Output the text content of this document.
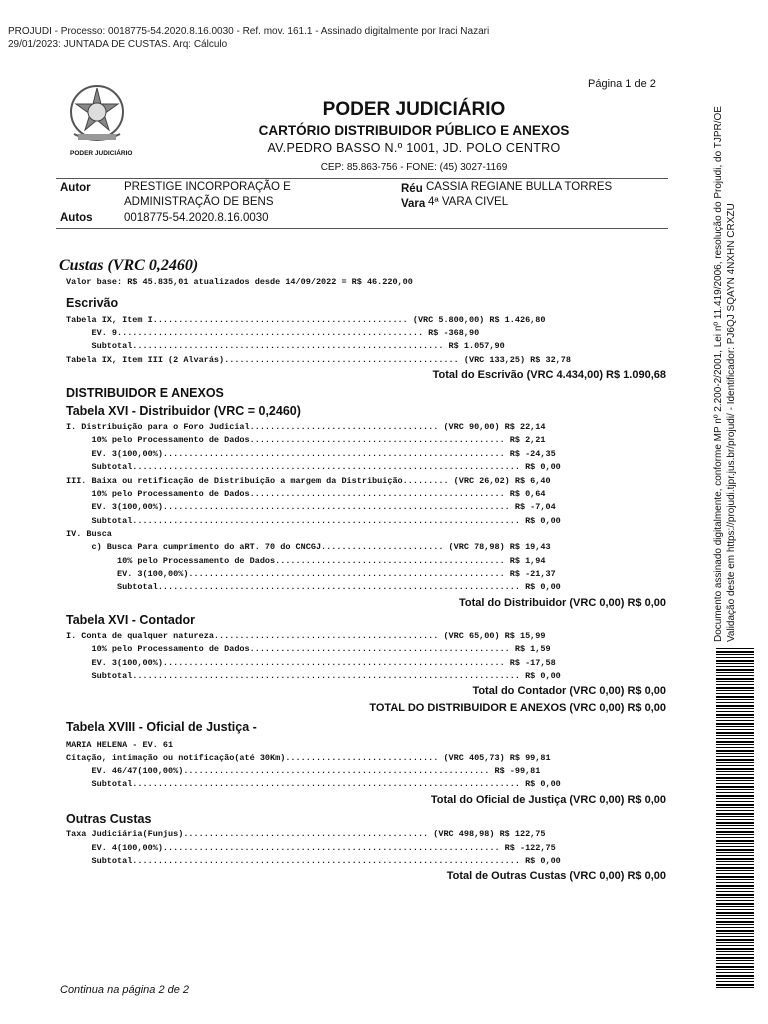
PROJUDI - Processo: 0018775-54.2020.8.16.0030 - Ref. mov. 161.1 - Assinado digitalmente por Iraci Nazari
29/01/2023: JUNTADA DE CUSTAS. Arq: Cálculo
Página 1 de 2
PODER JUDICIÁRIO
PODER JUDICIÁRIO
CARTÓRIO DISTRIBUIDOR PÚBLICO E ANEXOS
AV.PEDRO BASSO N.º 1001, JD. POLO CENTRO
CEP: 85.863-756 - FONE: (45) 3027-1169
Autor	PRESTIGE INCORPORAÇÃO E
ADMINISTRAÇÃO DE BENS
Réu CASSIA REGIANE BULLA TORRES
Vara 4ª VARA CIVEL
Autos	0018775-54.2020.8.16.0030
Custas (VRC 0,2460)
Valor base: R$ 45.835,01 atualizados desde 14/09/2022 = R$ 46.220,00
Escrivão
Tabela IX, Item I.................................................. (VRC 5.800,00) R$ 1.426,80
EV. 9............................................................ R$ -368,90
Subtotal............................................................. R$ 1.057,90
Tabela IX, Item III (2 Alvarás).............................................. (VRC 133,25) R$ 32,78
Total do Escrivão (VRC 4.434,00) R$ 1.090,68
DISTRIBUIDOR E ANEXOS
Tabela XVI - Distribuidor (VRC = 0,2460)
I. Distribuição para o Foro Judicial..................................... (VRC 90,00) R$ 22,14
10% pelo Processamento de Dados.................................................. R$ 2,21
EV. 3(100,00%)................................................................... R$ -24,35
Subtotal............................................................................ R$ 0,00
III. Baixa ou retificação de Distribuição a margem da Distribuição......... (VRC 26,02) R$ 6,40
10% pelo Processamento de Dados.................................................. R$ 0,64
EV. 3(100,00%).................................................................... R$ -7,04
Subtotal............................................................................ R$ 0,00
IV. Busca
c) Busca Para cumprimento do aRT. 70 do CNCGJ........................ (VRC 78,98) R$ 19,43
10% pelo Processamento de Dados............................................. R$ 1,94
EV. 3(100,00%).............................................................. R$ -21,37
Subtotal....................................................................... R$ 0,00
Total do Distribuidor (VRC 0,00) R$ 0,00
Tabela XVI - Contador
I. Conta de qualquer natureza............................................ (VRC 65,00) R$ 15,99
10% pelo Processamento de Dados................................................... R$ 1,59
EV. 3(100,00%)................................................................... R$ -17,58
Subtotal............................................................................ R$ 0,00
Total do Contador (VRC 0,00) R$ 0,00
TOTAL DO DISTRIBUIDOR E ANEXOS (VRC 0,00) R$ 0,00
Tabela XVIII - Oficial de Justiça -
MARIA HELENA - EV. 61
Citação, intimação ou notificação(até 30Km).............................. (VRC 405,73) R$ 99,81
EV. 46/47(100,00%)............................................................ R$ -99,81
Subtotal............................................................................ R$ 0,00
Total do Oficial de Justiça (VRC 0,00) R$ 0,00
Outras Custas
Taxa Judiciária(Funjus)................................................ (VRC 498,98) R$ 122,75
EV. 4(100,00%).................................................................. R$ -122,75
Subtotal............................................................................ R$ 0,00
Total de Outras Custas (VRC 0,00) R$ 0,00
Continua na página 2 de 2
Documento assinado digitalmente, conforme MP nº 2.200-2/2001, Lei nº 11.419/2006, resolução do Projudi, do TJPR/OE Validação deste em https://projudi.tjpr.jus.br/projudi/ - Identificador: PJ6QJ SQAYN 4NXHN CRXZU
